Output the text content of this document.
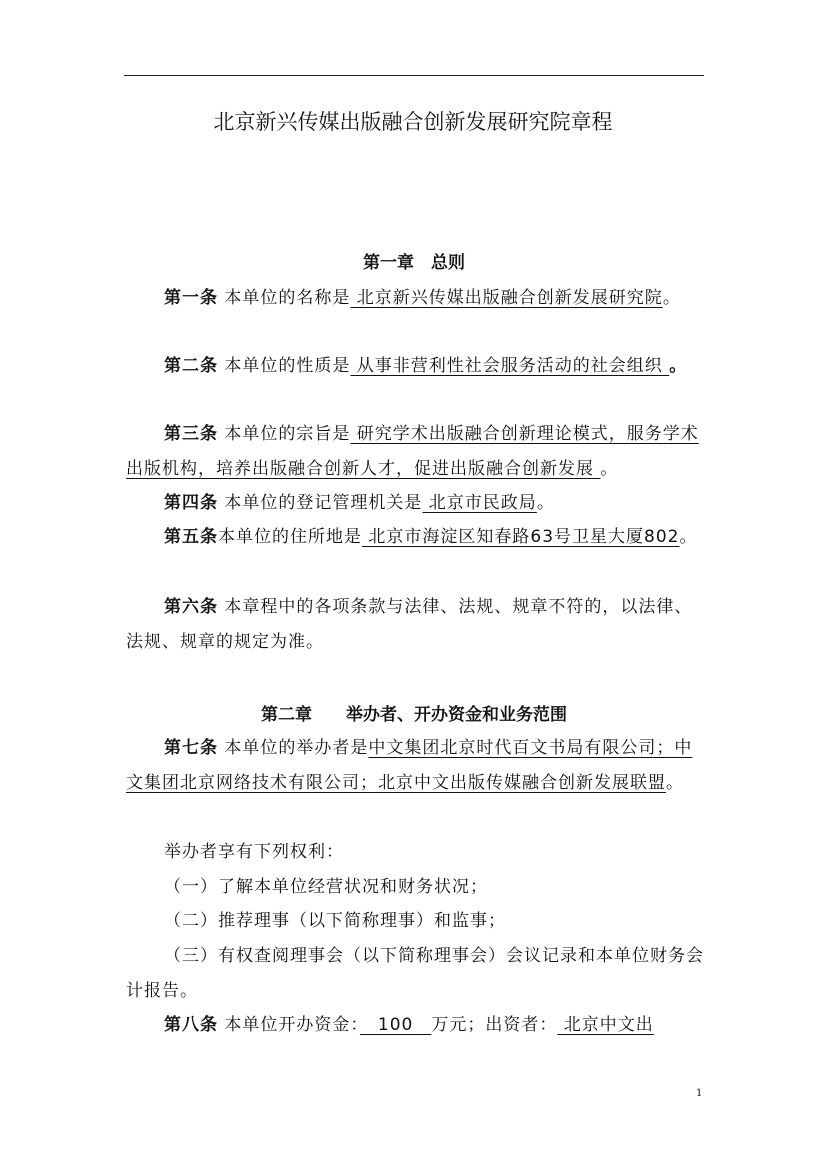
北京新兴传媒出版融合创新发展研究院章程
第一章　总则
第一条 本单位的名称是 北京新兴传媒出版融合创新发展研究院。
第二条 本单位的性质是 从事非营利性社会服务活动的社会组织 。
第三条 本单位的宗旨是 研究学术出版融合创新理论模式，服务学术出版机构，培养出版融合创新人才，促进出版融合创新发展 。
第四条 本单位的登记管理机关是 北京市民政局。
第五条本单位的住所地是 北京市海淀区知春路63号卫星大厦802。
第六条 本章程中的各项条款与法律、法规、规章不符的，以法律、法规、规章的规定为准。
第二章　　举办者、开办资金和业务范围
第七条 本单位的举办者是中文集团北京时代百文书局有限公司；中文集团北京网络技术有限公司；北京中文出版传媒融合创新发展联盟。
举办者享有下列权利：
（一）了解本单位经营状况和财务状况；
（二）推荐理事（以下简称理事）和监事；
（三）有权查阅理事会（以下简称理事会）会议记录和本单位财务会计报告。
第八条 本单位开办资金：　100　万元；出资者： 北京中文出
1
